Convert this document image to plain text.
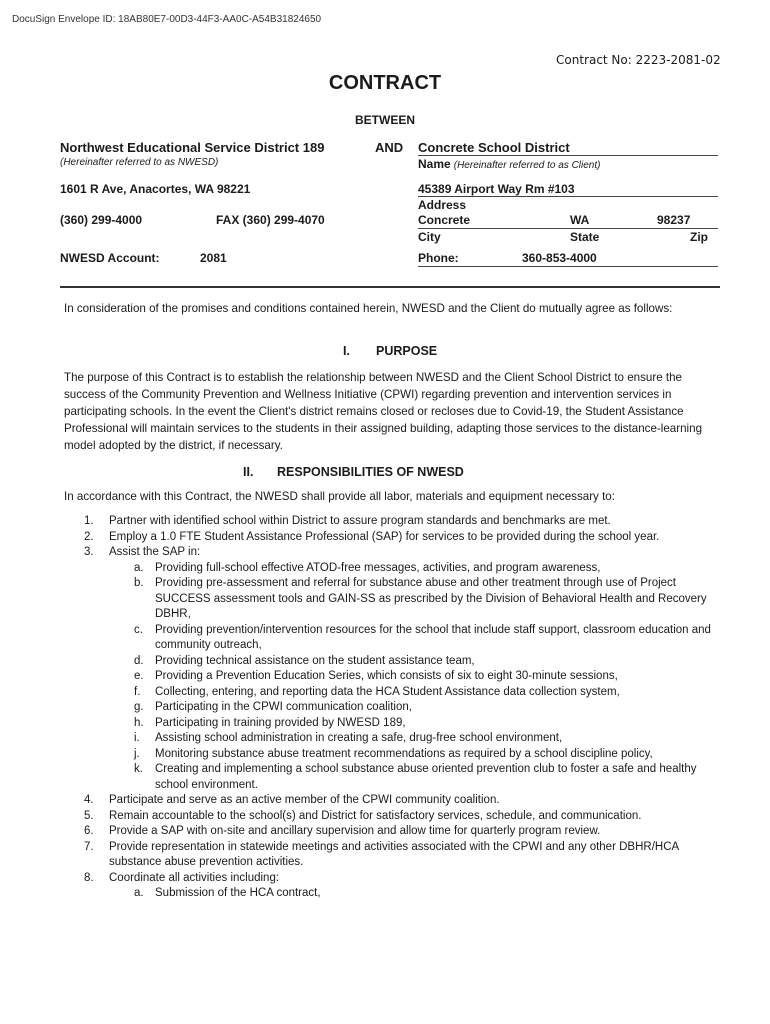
DocuSign Envelope ID: 18AB80E7-00D3-44F3-AA0C-A54B31824650
Contract No: 2223-2081-02
CONTRACT
BETWEEN
Northwest Educational Service District 189
(Hereinafter referred to as NWESD)
1601 R Ave, Anacortes, WA 98221
(360) 299-4000	FAX (360) 299-4070
NWESD Account:	2081
AND Concrete School District
Name (Hereinafter referred to as Client)
45389 Airport Way Rm #103
Address
Concrete	WA	98237
City	State	Zip
Phone:	360-853-4000
In consideration of the promises and conditions contained herein, NWESD and the Client do mutually agree as follows:
I. PURPOSE
The purpose of this Contract is to establish the relationship between NWESD and the Client School District to ensure the success of the Community Prevention and Wellness Initiative (CPWI) regarding prevention and intervention services in participating schools. In the event the Client's district remains closed or recloses due to Covid-19, the Student Assistance Professional will maintain services to the students in their assigned building, adapting those services to the distance-learning model adopted by the district, if necessary.
II. RESPONSIBILITIES OF NWESD
In accordance with this Contract, the NWESD shall provide all labor, materials and equipment necessary to:
1. Partner with identified school within District to assure program standards and benchmarks are met.
2. Employ a 1.0 FTE Student Assistance Professional (SAP) for services to be provided during the school year.
3. Assist the SAP in:
a. Providing full-school effective ATOD-free messages, activities, and program awareness,
b. Providing pre-assessment and referral for substance abuse and other treatment through use of Project SUCCESS assessment tools and GAIN-SS as prescribed by the Division of Behavioral Health and Recovery DBHR,
c. Providing prevention/intervention resources for the school that include staff support, classroom education and community outreach,
d. Providing technical assistance on the student assistance team,
e. Providing a Prevention Education Series, which consists of six to eight 30-minute sessions,
f. Collecting, entering, and reporting data the HCA Student Assistance data collection system,
g. Participating in the CPWI communication coalition,
h. Participating in training provided by NWESD 189,
i. Assisting school administration in creating a safe, drug-free school environment,
j. Monitoring substance abuse treatment recommendations as required by a school discipline policy,
k. Creating and implementing a school substance abuse oriented prevention club to foster a safe and healthy school environment.
4. Participate and serve as an active member of the CPWI community coalition.
5. Remain accountable to the school(s) and District for satisfactory services, schedule, and communication.
6. Provide a SAP with on-site and ancillary supervision and allow time for quarterly program review.
7. Provide representation in statewide meetings and activities associated with the CPWI and any other DBHR/HCA substance abuse prevention activities.
8. Coordinate all activities including:
a. Submission of the HCA contract,
